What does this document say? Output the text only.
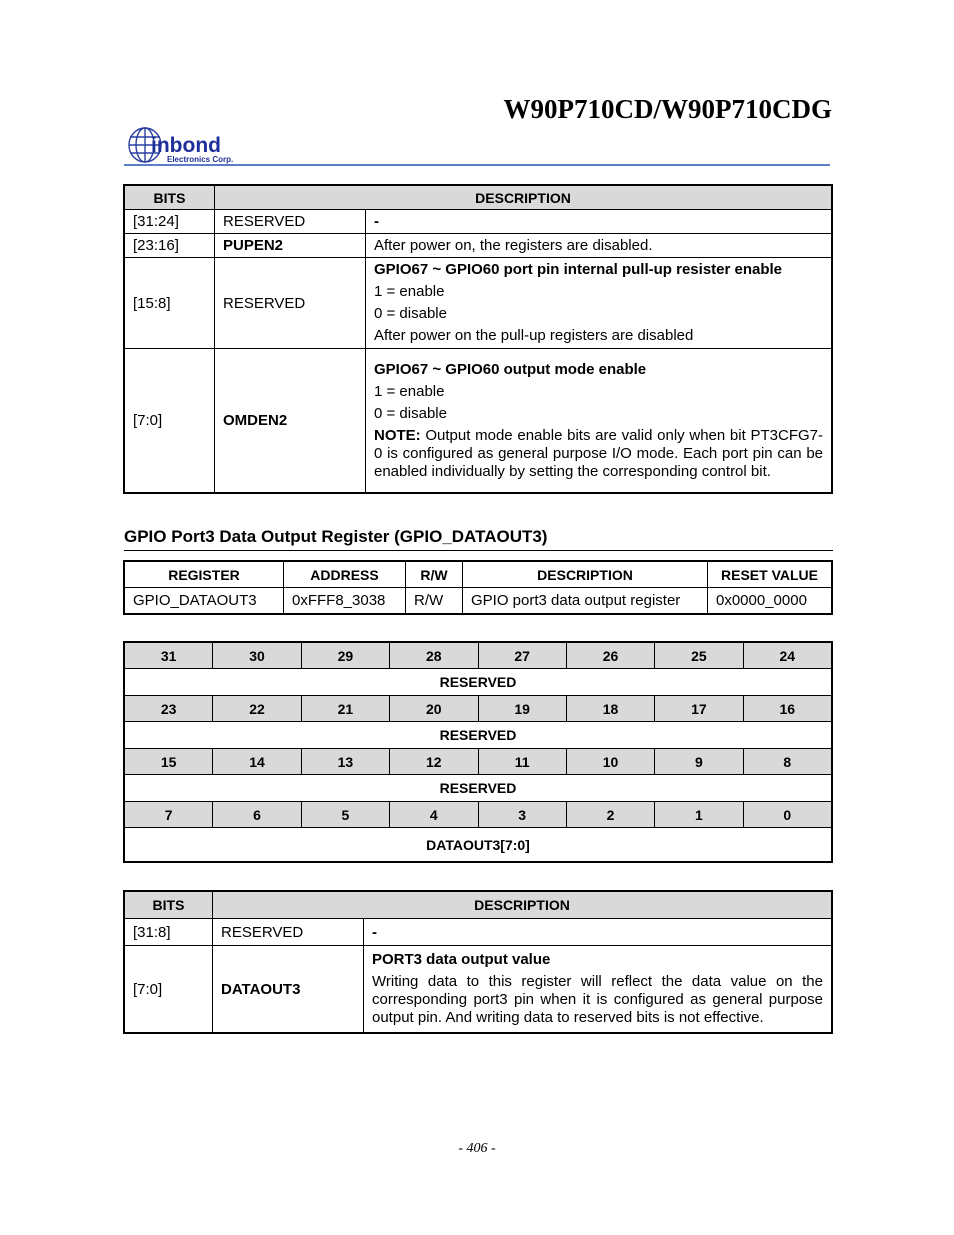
W90P710CD/W90P710CDG
inbond
Electronics Corp.
BITS	DESCRIPTION	
[31:24]	RESERVED	-
[23:16]	PUPEN2	After power on, the registers are disabled.
[15:8]	RESERVED	GPIO67 ~ GPIO60 port pin internal pull-up resister enable

1 = enable

0 = disable

After power on the pull-up registers are disabled

[7:0]	OMDEN2	GPIO67 ~ GPIO60 output mode enable

1 = enable

0 = disable

NOTE: Output mode enable bits are valid only when bit PT3CFG7-0 is configured as general purpose I/O mode. Each port pin can be enabled individually by setting the corresponding control bit.

GPIO Port3 Data Output Register (GPIO_DATAOUT3)
REGISTER	ADDRESS	R/W	DESCRIPTION	RESET VALUE
GPIO_DATAOUT3	0xFFF8_3038	R/W	GPIO port3 data output register	0x0000_0000
31	30	29	28	27	26	25	24
RESERVED							
23	22	21	20	19	18	17	16
RESERVED							
15	14	13	12	11	10	9	8
RESERVED							
7	6	5	4	3	2	1	0
DATAOUT3[7:0]							
BITS	DESCRIPTION	
[31:8]	RESERVED	-
[7:0]	DATAOUT3	PORT3 data output value

Writing data to this register will reflect the data value on the corresponding port3 pin when it is configured as general purpose output pin. And writing data to reserved bits is not effective.

- 406 -
